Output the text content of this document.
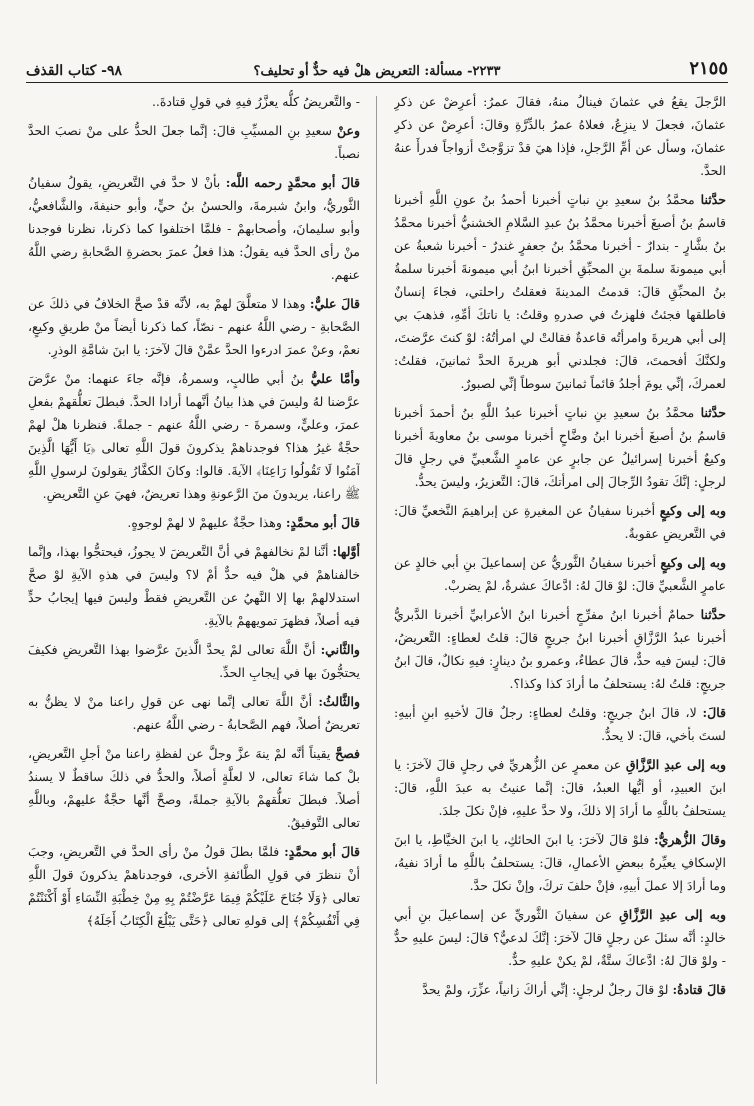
٢١٥٥
٢٢٣٣- مسألة: التعريض هلْ فيه حدٌّ أو تحليف؟
٩٨- كتاب القذف

الرَّجلَ يقعُ في عثمانَ فينالُ منهُ، فقالَ عمرُ: أعرِضْ عن ذكرِ عثمانَ، فجعلَ لا ينزِعُ، فعلاهُ عمرُ بالدِّرَّةِ وقالَ: أعرِضْ عن ذكرِ عثمانَ، وسأل عن أمِّ الرَّجلِ، فإذا هيَ قدْ تزوَّجتْ أزواجاً فدرأَ عنهُ الحدَّ.

حدَّثنا محمَّدُ بنُ سعيدِ بنِ نباتٍ أخبرنا أحمدُ بنُ عونِ اللَّهِ أخبرنا قاسمُ بنُ أصبغَ أخبرنا محمَّدُ بنُ عبدِ السَّلامِ الخشنيُّ أخبرنا محمَّدُ بنُ بشَّارٍ - بندارٌ - أخبرنا محمَّدُ بنُ جعفرٍ غندرٌ - أخبرنا شعبةُ عن أبي ميمونةَ سلمةَ بنِ المحبِّقِ أخبرنا ابنُ أبي ميمونةَ أخبرنا سلمةُ بنُ المحبِّقِ قالَ: قدمتُ المدينةَ فعقلتُ راحلتي، فجاءَ إنسانٌ فاطلقها فجئتُ فلهزتُ في صدرهِ وقلتُ: يا ناتكَ أمِّهِ، فذهبَ بي إلى أبي هريرةَ وامرأتُه قاعدةٌ فقالتْ لي امرأتُهُ: لوْ كنتَ عرَّضتَ، ولكنَّكَ أفحمتَ، قالَ: فجلدني أبو هريرةَ الحدَّ ثمانينَ، فقلتُ: لعمركَ، إنِّي يومَ أجلدُ قائماً ثمانينَ سوطاً إنِّي لصبورٌ.

حدَّثنا محمَّدُ بنُ سعيدِ بنِ نباتٍ أخبرنا عبدُ اللَّهِ بنُ أحمدَ أخبرنا قاسمُ بنُ أصبغَ أخبرنا ابنُ وضَّاحٍ أخبرنا موسى بنُ معاويةَ أخبرنا وكيعٌ أخبرنا إسرائيلُ عن جابرٍ عن عامرٍ الشَّعبيِّ في رجلٍ قالَ لرجلٍ: إنَّكَ تقودُ الرِّجالَ إلى امرأتكَ، قالَ: التَّعزيرُ، وليسَ يحدُّ.

وبه إلى وكيعٍ أخبرنا سفيانُ عن المغيرةِ عن إبراهيمَ النَّخعيِّ قالَ: في التَّعريضِ عقوبةٌ.

وبه إلى وكيعٍ أخبرنا سفيانُ الثَّوريُّ عن إسماعيلَ بنِ أبي خالدٍ عن عامرٍ الشَّعبيِّ قالَ: لوْ قالَ لهُ: ادَّعاكَ عشرةٌ، لمْ يضربْ.

حدَّثنا حمامٌ أخبرنا ابنُ مفرِّجٍ أخبرنا ابنُ الأعرابيِّ أخبرنا الدَّبريُّ أخبرنا عبدُ الرَّزَّاقِ أخبرنا ابنُ جريجٍ قالَ: قلتُ لعطاءٍ: التَّعريضُ، قالَ: ليسَ فيه حدٌّ، قالَ عطاءٌ، وعمرو بنُ دينارٍ: فيهِ نكالٌ، قالَ ابنُ جريجٍ: قلتُ لهُ: يستحلفُ ما أرادَ كذا وكذا؟.

قالَ: لا، قالَ ابنُ جريجٍ: وقلتُ لعطاءٍ: رجلٌ قالَ لأخيهِ ابنِ أبيهِ: لستَ بأخي، قالَ: لا يحدُّ.

وبه إلى عبدِ الرَّزَّاقِ عن معمرٍ عن الزُّهريِّ في رجلٍ قالَ لآخرَ: يا ابنَ العبيدِ، أو أيُّها العبدُ، قالَ: إنَّما عنيتُ به عبدَ اللَّهِ، قالَ: يستحلفُ باللَّهِ ما أرادَ إلا ذلكَ، ولا حدَّ عليهِ، فإنْ نكلَ جلدَ.

وقالَ الزُّهريُّ: فلوْ قالَ لآخرَ: يا ابنَ الحائكِ، يا ابنَ الخيَّاطِ، يا ابنَ الإسكافِ يعيِّرهُ ببعضِ الأعمالِ، قالَ: يستحلفُ باللَّهِ ما أرادَ نفيهُ، وما أرادَ إلا عملَ أبيهِ، فإنْ حلفَ تركَ، وإنْ نكلَ حدَّ.

وبه إلى عبدِ الرَّزَّاقِ عن سفيانَ الثَّوريِّ عن إسماعيلَ بنِ أبي خالدٍ: أنَّه سئلَ عن رجلٍ قالَ لآخرَ: إنَّكَ لدعيٌّ؟ قالَ: ليسَ عليهِ حدٌّ - ولوْ قالَ لهُ: ادَّعاكَ ستَّةٌ، لمْ يكنْ عليهِ حدٌّ.

قالَ قتادةُ: لوْ قالَ رجلٌ لرجلٍ: إنِّي أراكَ زانياً، عزِّرَ، ولمْ يحدَّ

- والتَّعريضُ كلُّه يعزَّرُ فيهِ في قولِ قتادةَ..

وعنْ سعيدِ بنِ المسيِّبِ قالَ: إنَّما جعلَ الحدُّ على منْ نصبَ الحدَّ نصباً.

قالَ أبو محمَّدٍ رحمه اللَّه: بأنْ لا حدَّ في التَّعريضِ، يقولُ سفيانُ الثَّوريُّ، وابنُ شبرمةَ، والحسنُ بنُ حيٍّ، وأبو حنيفةَ، والشَّافعيُّ، وأبو سليمانَ، وأصحابهمْ - فلمَّا اختلفوا كما ذكرنا، نظرنا فوجدنا منْ رأى الحدَّ فيه يقولُ: هذا فعلُ عمرَ بحضرةِ الصَّحابةِ رضي اللَّهُ عنهم.

قالَ عليٌّ: وهذا لا متعلَّقَ لهمْ به، لأنَّه قدْ صحَّ الخلافُ في ذلكَ عن الصَّحابةِ - رضي اللَّهُ عنهم - نصّاً، كما ذكرنا أيضاً منْ طريقِ وكيعٍ، نعمْ، وعنْ عمرَ ادرءوا الحدَّ عمَّنْ قالَ لآخرَ: يا ابنَ شامَّةِ الوذرِ.

وأمَّا عليُّ بنُ أبي طالبٍ، وسمرةُ، فإنَّه جاءَ عنهما: منْ عرَّضَ عرَّضنا لهُ وليسَ في هذا بيانُ أنَّهما أرادا الحدَّ. فبطلَ تعلُّقهمْ بفعلِ عمرَ، وعليٍّ، وسمرةَ - رضي اللَّهُ عنهم - جملةً. فنظرنا هلْ لهمْ حجَّةٌ غيرُ هذا؟ فوجدناهمْ يذكرونَ قولَ اللَّهِ تعالى ﴿يَا أَيُّهَا الَّذِينَ آمَنُوا لَا تَقُولُوا رَاعِنَا﴾ الآيةَ. قالوا: وكانَ الكفَّارُ يقولونَ لرسولِ اللَّهِ ﷺ راعنا، يريدونَ منَ الرَّعونةِ وهذا تعريضٌ، فهيَ عنِ التَّعريضِ.

قالَ أبو محمَّدٍ: وهذا حجَّةٌ عليهمْ لا لهمْ لوجوهٍ.

أوَّلها: أنَّنا لمْ نخالفهمْ في أنَّ التَّعريضَ لا يجوزُ، فيحتجُّوا بهذا، وإنَّما خالفناهمْ في هلْ فيه حدٌّ أمْ لا؟ وليسَ في هذهِ الآيةِ لوْ صحَّ استدلالهمْ بها إلا النَّهيُ عن التَّعريضِ فقطْ وليسَ فيها إيجابُ حدٍّ فيه أصلاً، فظهرَ تمويههمْ بالآيةِ.

والثَّاني: أنَّ اللَّهَ تعالى لمْ يحدَّ الَّذينَ عرَّضوا بهذا التَّعريضِ فكيفَ يحتجُّونَ بها في إيجابِ الحدِّ.

والثَّالثُ: أنَّ اللَّهَ تعالى إنَّما نهى عن قولِ راعنا منْ لا يظنُّ به تعريضٌ أصلاً، فهم الصَّحابةُ - رضي اللَّهُ عنهم.

فصحَّ يقيناً أنَّه لمْ ينهَ عزَّ وجلَّ عن لفظةِ راعنا منْ أجلِ التَّعريضِ، بلْ كما شاءَ تعالى، لا لعلَّةٍ أصلاً، والحدُّ في ذلكَ ساقطٌ لا يسندُ أصلاً. فبطلَ تعلُّقهمْ بالآيةِ جملةً، وصحَّ أنَّها حجَّةٌ عليهمْ، وباللَّهِ تعالى التَّوفيقُ.

قالَ أبو محمَّدٍ: فلمَّا بطلَ قولُ منْ رأى الحدَّ في التَّعريضِ، وجبَ أنْ ننظرَ في قولِ الطَّائفةِ الأخرى، فوجدناهمْ يذكرونَ قولَ اللَّهِ تعالى ﴿وَلَا جُنَاحَ عَلَيْكُمْ فِيمَا عَرَّضْتُمْ بِهِ مِنْ خِطْبَةِ النِّسَاءِ أَوْ أَكْنَنْتُمْ فِي أَنْفُسِكُمْ﴾ إلى قولهِ تعالى ﴿حَتَّى يَبْلُغَ الْكِتَابُ أَجَلَهُ﴾
